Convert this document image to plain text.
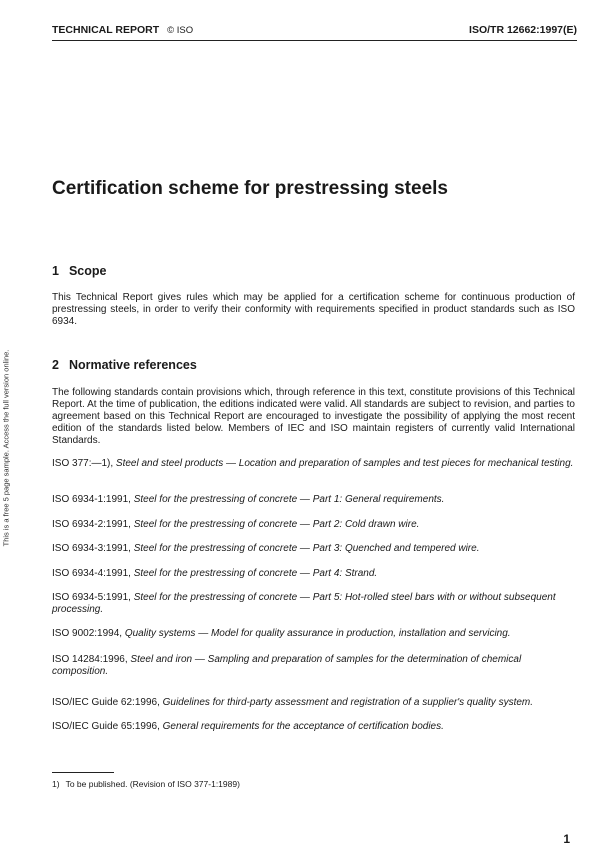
This is a free 5 page sample. Access the full version online.
TECHNICAL REPORT © ISO	ISO/TR 12662:1997(E)
Certification scheme for prestressing steels
1 Scope

This Technical Report gives rules which may be applied for a certification scheme for continuous production of prestressing steels, in order to verify their conformity with requirements specified in product standards such as ISO 6934.

2 Normative references

The following standards contain provisions which, through reference in this text, constitute provisions of this Technical Report. At the time of publication, the editions indicated were valid. All standards are subject to revision, and parties to agreement based on this Technical Report are encouraged to investigate the possibility of applying the most recent edition of the standards listed below. Members of IEC and ISO maintain registers of currently valid International Standards.

ISO 377:—1), Steel and steel products — Location and preparation of samples and test pieces for mechanical testing.

ISO 6934-1:1991, Steel for the prestressing of concrete — Part 1: General requirements.

ISO 6934-2:1991, Steel for the prestressing of concrete — Part 2: Cold drawn wire.

ISO 6934-3:1991, Steel for the prestressing of concrete — Part 3: Quenched and tempered wire.

ISO 6934-4:1991, Steel for the prestressing of concrete — Part 4: Strand.

ISO 6934-5:1991, Steel for the prestressing of concrete — Part 5: Hot-rolled steel bars with or without subsequent processing.

ISO 9002:1994, Quality systems — Model for quality assurance in production, installation and servicing.

ISO 14284:1996, Steel and iron — Sampling and preparation of samples for the determination of chemical composition.

ISO/IEC Guide 62:1996, Guidelines for third-party assessment and registration of a supplier's quality system.

ISO/IEC Guide 65:1996, General requirements for the acceptance of certification bodies.

1) To be published. (Revision of ISO 377-1:1989)

1
